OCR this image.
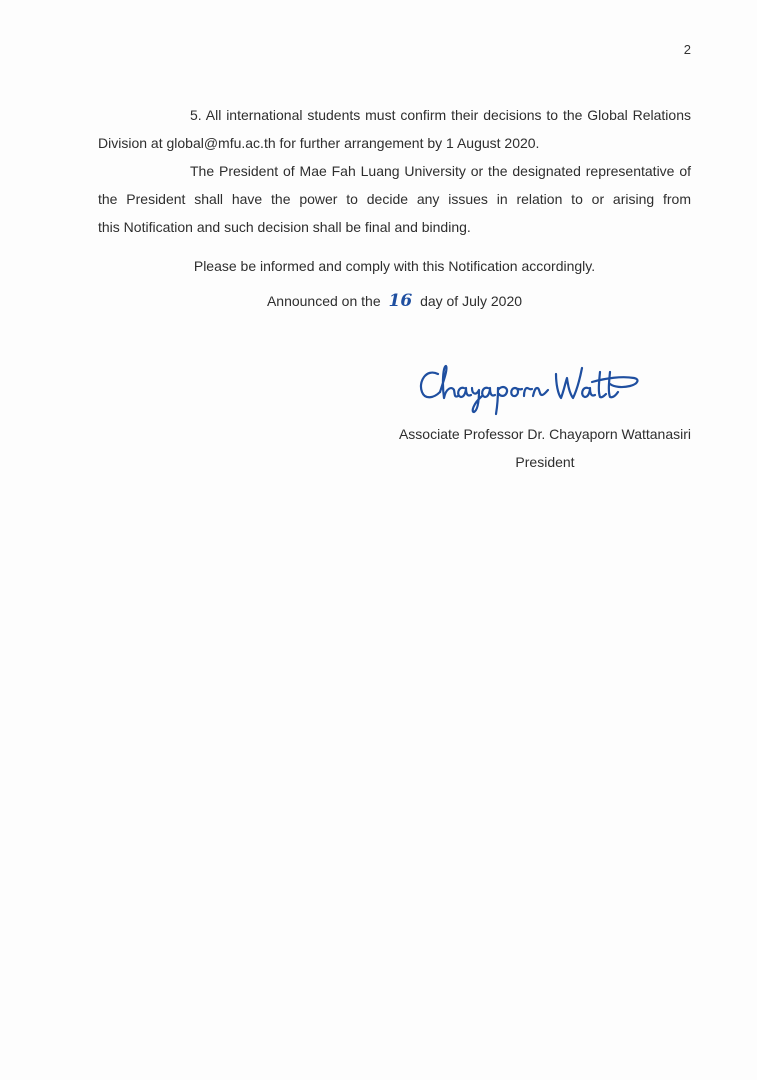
2
5. All international students must confirm their decisions to the Global Relations
Division at global@mfu.ac.th for further arrangement by 1 August 2020.
The President of Mae Fah Luang University or the designated representative of
the President shall have the power to decide any issues in relation to or arising from
this Notification and such decision shall be final and binding.
Please be informed and comply with this Notification accordingly.
Announced on the 16 day of July 2020
Associate Professor Dr. Chayaporn Wattanasiri
President
